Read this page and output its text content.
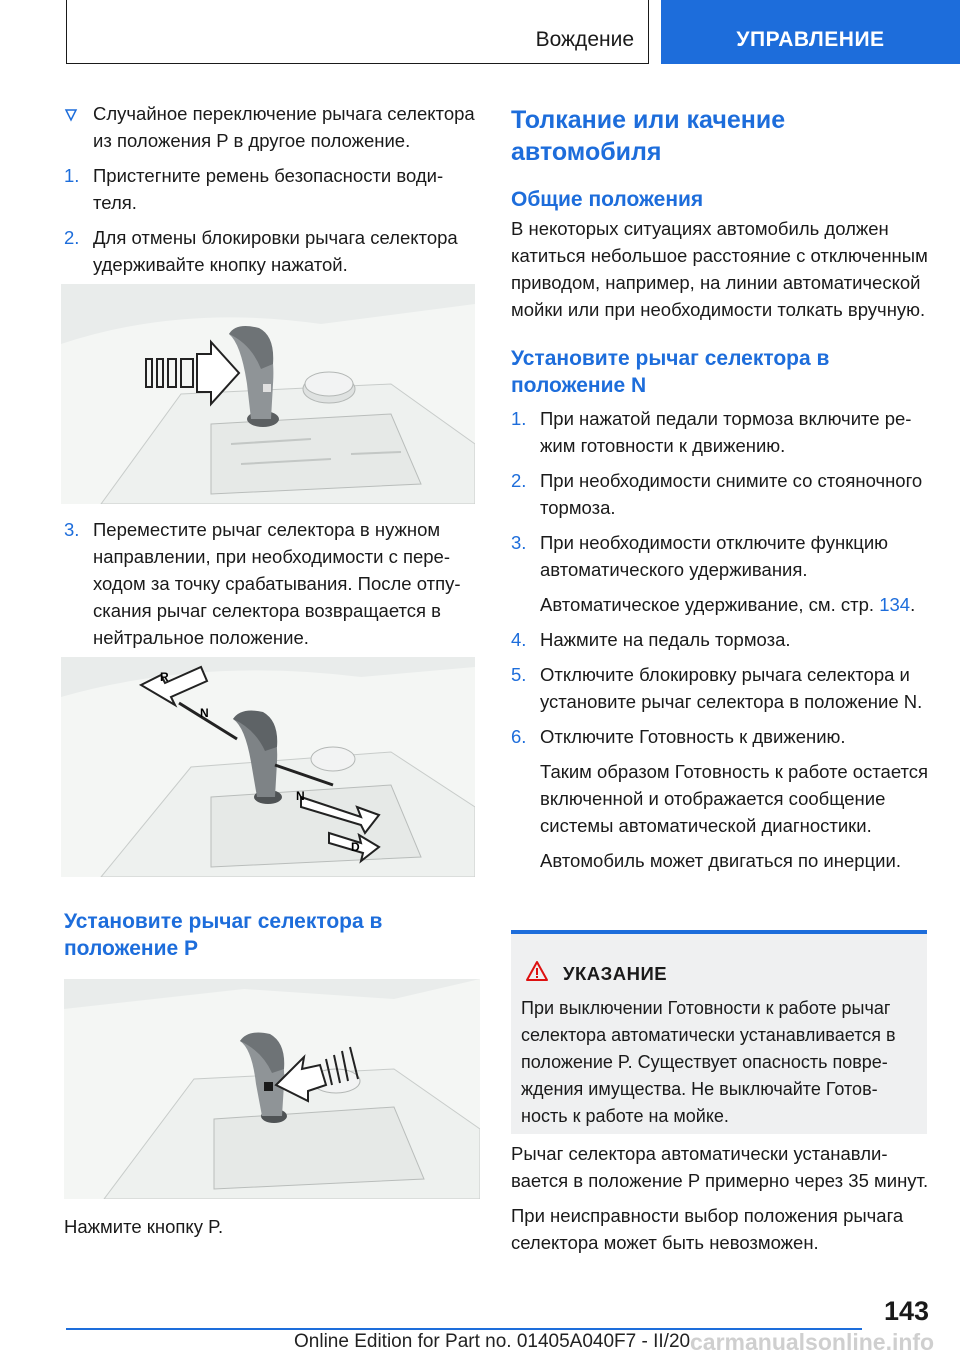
Вождение	УПРАВЛЕНИЕ
Случайное переключение рычага селектора из положения P в другое положение.
1. Пристегните ремень безопасности водителя.
2. Для отмены блокировки рычага селектора удерживайте кнопку нажатой.
3. Переместите рычаг селектора в нужном направлении, при необходимости с переходом за точку срабатывания. После отпускания рычаг селектора возвращается в нейтральное положение.
R
N
N
D
Установите рычаг селектора в положение P

Нажмите кнопку P.

Толкание или качение автомобиля
Общие положения

В некоторых ситуациях автомобиль должен катиться небольшое расстояние с отключенным приводом, например, на линии автоматической мойки или при необходимости толкать вручную.

Установите рычаг селектора в положение N
1. При нажатой педали тормоза включите режим готовности к движению.
2. При необходимости снимите со стояночного тормоза.
3. При необходимости отключите функцию автоматического удерживания.

Автоматическое удерживание, см. стр. 134.

4. Нажмите на педаль тормоза.
5. Отключите блокировку рычага селектора и установите рычаг селектора в положение N.
6. Отключите Готовность к движению.

Таким образом Готовность к работе остается включенной и отображается сообщение системы автоматической диагностики.

Автомобиль может двигаться по инерции.

УКАЗАНИЕ

При выключении Готовности к работе рычаг селектора автоматически устанавливается в положение P. Существует опасность повреждения имущества. Не выключайте Готовность к работе на мойке.

Рычаг селектора автоматически устанавливается в положение P примерно через 35 минут.

При неисправности выбор положения рычага селектора может быть невозможен.

143
Online Edition for Part no. 01405A040F7 - II/20 carmanualsonline.info
